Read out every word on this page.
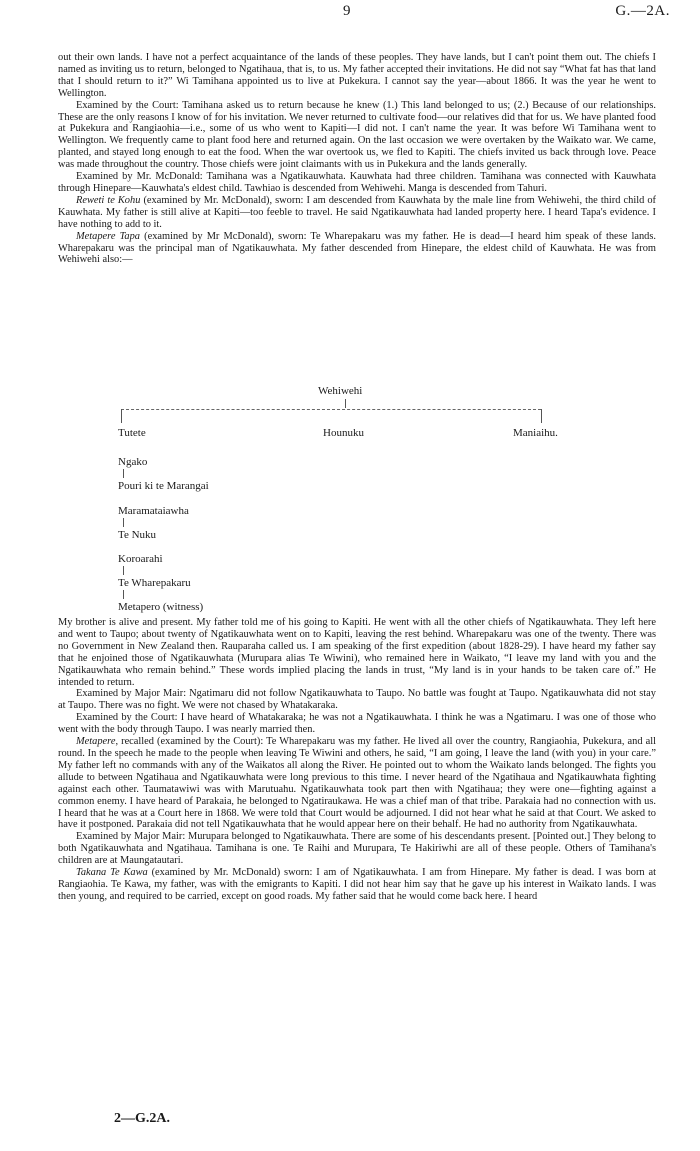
9	G.—2A.

out their own lands. I have not a perfect acquaintance of the lands of these peoples. They have lands, but I can't point them out. The chiefs I named as inviting us to return, belonged to Ngatihaua, that is, to us. My father accepted their invitations. He did not say “What fat has that land that I should return to it?” Wi Tamihana appointed us to live at Pukekura. I cannot say the year—about 1866. It was the year he went to Wellington.

Examined by the Court: Tamihana asked us to return because he knew (1.) This land belonged to us; (2.) Because of our relationships. These are the only reasons I know of for his invitation. We never returned to cultivate food—our relatives did that for us. We have planted food at Pukekura and Rangiaohia—i.e., some of us who went to Kapiti—I did not. I can't name the year. It was before Wi Tamihana went to Wellington. We frequently came to plant food here and returned again. On the last occasion we were overtaken by the Waikato war. We came, planted, and stayed long enough to eat the food. When the war overtook us, we fled to Kapiti. The chiefs invited us back through love. Peace was made throughout the country. Those chiefs were joint claimants with us in Pukekura and the lands generally.

Examined by Mr. McDonald: Tamihana was a Ngatikauwhata. Kauwhata had three children. Tamihana was connected with Kauwhata through Hinepare—Kauwhata's eldest child. Tawhiao is descended from Wehiwehi. Manga is descended from Tahuri.

Reweti te Kohu (examined by Mr. McDonald), sworn: I am descended from Kauwhata by the male line from Wehiwehi, the third child of Kauwhata. My father is still alive at Kapiti—too feeble to travel. He said Ngatikauwhata had landed property here. I heard Tapa's evidence. I have nothing to add to it.

Metapere Tapa (examined by Mr McDonald), sworn: Te Wharepakaru was my father. He is dead—I heard him speak of these lands. Wharepakaru was the principal man of Ngatikauwhata. My father descended from Hinepare, the eldest child of Kauwhata. He was from Wehiwehi also:—

Wehiwehi
Tutete	Hounuku	Maniaihu.
Ngako
Pouri ki te Marangai
Maramataiawha
Te Nuku
Koroarahi
Te Wharepakaru
Metapero (witness)

My brother is alive and present. My father told me of his going to Kapiti. He went with all the other chiefs of Ngatikauwhata. They left here and went to Taupo; about twenty of Ngatikauwhata went on to Kapiti, leaving the rest behind. Wharepakaru was one of the twenty. There was no Government in New Zealand then. Rauparaha called us. I am speaking of the first expedition (about 1828-29). I have heard my father say that he enjoined those of Ngatikauwhata (Murupara alias Te Wiwini), who remained here in Waikato, “I leave my land with you and the Ngatikauwhata who remain behind.” These words implied placing the lands in trust, “My land is in your hands to be taken care of.” He intended to return.

Examined by Major Mair: Ngatimaru did not follow Ngatikauwhata to Taupo. No battle was fought at Taupo. Ngatikauwhata did not stay at Taupo. There was no fight. We were not chased by Whatakaraka.

Examined by the Court: I have heard of Whatakaraka; he was not a Ngatikauwhata. I think he was a Ngatimaru. I was one of those who went with the body through Taupo. I was nearly married then.

Metapere, recalled (examined by the Court): Te Wharepakaru was my father. He lived all over the country, Rangiaohia, Pukekura, and all round. In the speech he made to the people when leaving Te Wiwini and others, he said, “I am going, I leave the land (with you) in your care.” My father left no commands with any of the Waikatos all along the River. He pointed out to whom the Waikato lands belonged. The fights you allude to between Ngatihaua and Ngatikauwhata were long previous to this time. I never heard of the Ngatihaua and Ngatikauwhata fighting against each other. Taumatawiwi was with Marutuahu. Ngatikauwhata took part then with Ngatihaua; they were one—fighting against a common enemy. I have heard of Parakaia, he belonged to Ngatiraukawa. He was a chief man of that tribe. Parakaia had no connection with us. I heard that he was at a Court here in 1868. We were told that Court would be adjourned. I did not hear what he said at that Court. We asked to have it postponed. Parakaia did not tell Ngatikauwhata that he would appear here on their behalf. He had no authority from Ngatikauwhata.

Examined by Major Mair: Murupara belonged to Ngatikauwhata. There are some of his descendants present. [Pointed out.] They belong to both Ngatikauwhata and Ngatihaua. Tamihana is one. Te Raihi and Murupara, Te Hakiriwhi are all of these people. Others of Tamihana's children are at Maungatautari.

Takana Te Kawa (examined by Mr. McDonald) sworn: I am of Ngatikauwhata. I am from Hinepare. My father is dead. I was born at Rangiaohia. Te Kawa, my father, was with the emigrants to Kapiti. I did not hear him say that he gave up his interest in Waikato lands. I was then young, and required to be carried, except on good roads. My father said that he would come back here. I heard

2—G.2A.
